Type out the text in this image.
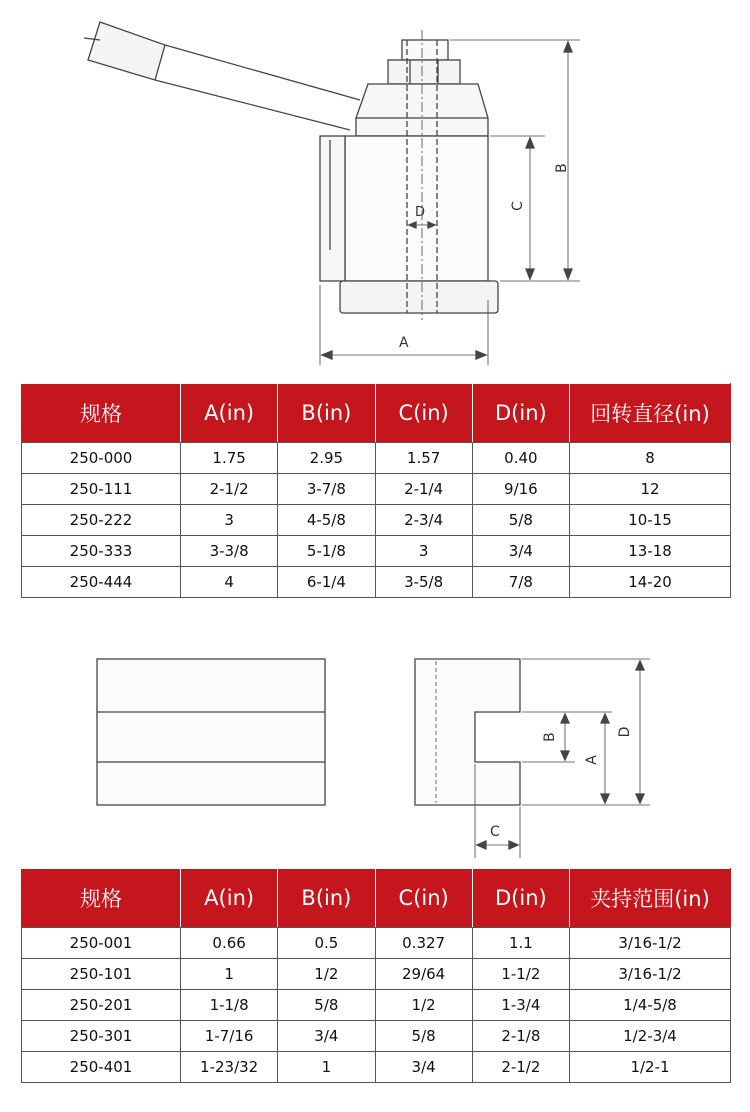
A
B
C
D
规格	A(in)	B(in)	C(in)	D(in)	回转直径(in)
250-000	1.75	2.95	1.57	0.40	8
250-111	2-1/2	3-7/8	2-1/4	9/16	12
250-222	3	4-5/8	2-3/4	5/8	10-15
250-333	3-3/8	5-1/8	3	3/4	13-18
250-444	4	6-1/4	3-5/8	7/8	14-20
B
A
D
C
规格	A(in)	B(in)	C(in)	D(in)	夹持范围(in)
250-001	0.66	0.5	0.327	1.1	3/16-1/2
250-101	1	1/2	29/64	1-1/2	3/16-1/2
250-201	1-1/8	5/8	1/2	1-3/4	1/4-5/8
250-301	1-7/16	3/4	5/8	2-1/8	1/2-3/4
250-401	1-23/32	1	3/4	2-1/2	1/2-1
